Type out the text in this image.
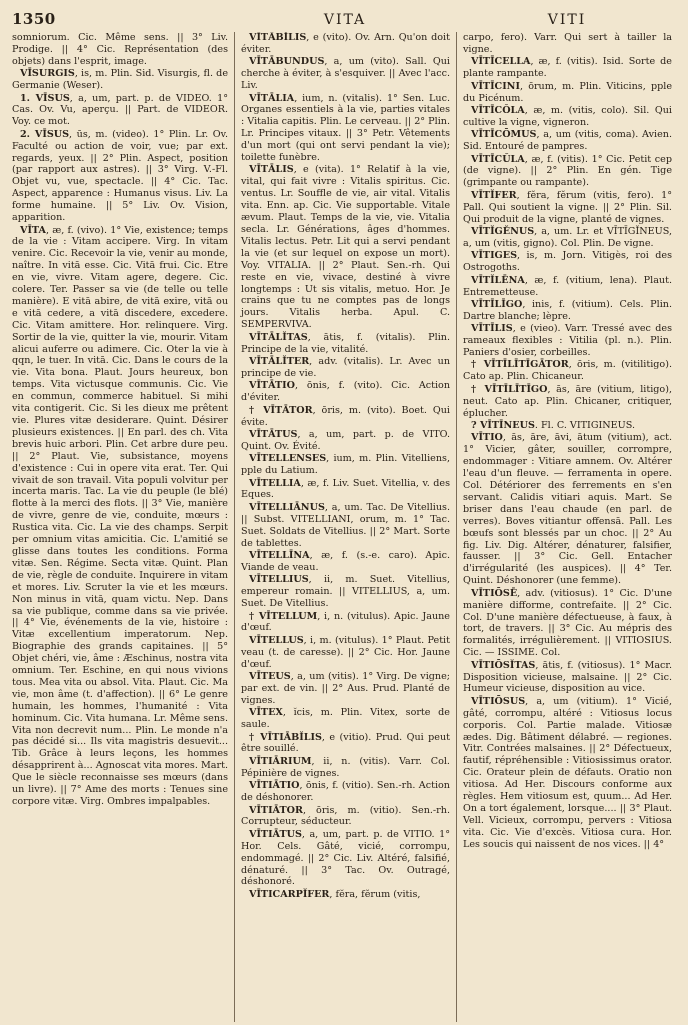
1350	VITA	VITI

somniorum. Cic. Même sens. || 3° Liv. Prodige. || 4° Cic. Représentation (des objets) dans l'esprit, image.

VĪSURGIS, is, m. Plin. Sid. Visurgis, fl. de Germanie (Weser).

1. VĪSUS, a, um, part. p. de VIDEO. 1° Cas. Ov. Vu, aperçu. || Part. de VIDEOR. Voy. ce mot.

2. VĪSUS, ūs, m. (video). 1° Plin. Lr. Ov. Faculté ou action de voir, vue; par ext. regards, yeux. || 2° Plin. Aspect, position (par rapport aux astres). || 3° Virg. V.-Fl. Objet vu, vue, spectacle. || 4° Cic. Tac. Aspect, apparence : Humanus visus. Liv. La forme humaine. || 5° Liv. Ov. Vision, apparition.

VĪTA, æ, f. (vivo). 1° Vie, existence; temps de la vie : Vitam accipere. Virg. In vitam venire. Cic. Recevoir la vie, venir au monde, naître. In vitā esse. Cic. Vitā frui. Cic. Etre en vie, vivre. Vitam agere, degere. Cic. colere. Ter. Passer sa vie (de telle ou telle manière). E vitā abire, de vitā exire, vitā ou e vitā cedere, a vitā discedere, excedere. Cic. Vitam amittere. Hor. relinquere. Virg. Sortir de la vie, quitter la vie, mourir. Vitam alicui auferre ou adimere. Cic. Oter la vie à qqn, le tuer. In vitā. Cic. Dans le cours de la vie. Vita bona. Plaut. Jours heureux, bon temps. Vita victusque communis. Cic. Vie en commun, commerce habituel. Si mihi vita contigerit. Cic. Si les dieux me prêtent vie. Plures vitæ desiderare. Quint. Désirer plusieurs existences. || En parl. des ch. Vita brevis huic arbori. Plin. Cet arbre dure peu. || 2° Plaut. Vie, subsistance, moyens d'existence : Cui in opere vita erat. Ter. Qui vivait de son travail. Vita populi volvitur per incerta maris. Tac. La vie du peuple (le blé) flotte à la merci des flots. || 3° Vie, manière de vivre, genre de vie, conduite, mœurs : Rustica vita. Cic. La vie des champs. Serpit per omnium vitas amicitia. Cic. L'amitié se glisse dans toutes les conditions. Forma vitæ. Sen. Régime. Secta vitæ. Quint. Plan de vie, règle de conduite. Inquirere in vitam et mores. Liv. Scruter la vie et les mœurs. Non minus in vitā, quam victu. Nep. Dans sa vie publique, comme dans sa vie privée. || 4° Vie, événements de la vie, histoire : Vitæ excellentium imperatorum. Nep. Biographie des grands capitaines. || 5° Objet chéri, vie, âme : Æschinus, nostra vita omnium. Ter. Eschine, en qui nous vivions tous. Mea vita ou absol. Vita. Plaut. Cic. Ma vie, mon âme (t. d'affection). || 6° Le genre humain, les hommes, l'humanité : Vita hominum. Cic. Vita humana. Lr. Même sens. Vita non decrevit num... Plin. Le monde n'a pas décidé si... Ils vita magistris desuevit... Tib. Grâce à leurs leçons, les hommes désapprirent à... Agnoscat vita mores. Mart. Que le siècle reconnaisse ses mœurs (dans un livre). || 7° Ame des morts : Tenues sine corpore vitæ. Virg. Ombres impalpables.

VĪTĀBĬLIS, e (vito). Ov. Arn. Qu'on doit éviter.

VĪTĀBUNDUS, a, um (vito). Sall. Qui cherche à éviter, à s'esquiver. || Avec l'acc. Liv.

VĪTĀLIA, ium, n. (vitalis). 1° Sen. Luc. Organes essentiels à la vie, parties vitales : Vitalia capitis. Plin. Le cerveau. || 2° Plin. Lr. Principes vitaux. || 3° Petr. Vêtements d'un mort (qui ont servi pendant la vie); toilette funèbre.

VĪTĀLIS, e (vita). 1° Relatif à la vie, vital, qui fait vivre : Vitalis spiritus. Cic. ventus. Lr. Souffle de vie, air vital. Vitalis vita. Enn. ap. Cic. Vie supportable. Vitale ævum. Plaut. Temps de la vie, vie. Vitalia secla. Lr. Générations, âges d'hommes. Vitalis lectus. Petr. Lit qui a servi pendant la vie (et sur lequel on expose un mort). Voy. VITALIA. || 2° Plaut. Sen.-rh. Qui reste en vie, vivace, destiné à vivre longtemps : Ut sis vitalis, metuo. Hor. Je crains que tu ne comptes pas de longs jours. Vitalis herba. Apul. C. SEMPERVIVA.

VĪTĀLĬTAS, ātis, f. (vitalis). Plin. Principe de la vie, vitalité.

VĪTĀLĬTER, adv. (vitalis). Lr. Avec un principe de vie.

VĪTĀTIO, ōnis, f. (vito). Cic. Action d'éviter.

† VĪTĀTOR, ōris, m. (vito). Boet. Qui évite.

VĪTĀTUS, a, um, part. p. de VITO. Quint. Ov. Évité.

VĪTELLENSES, ium, m. Plin. Vitelliens, pple du Latium.

VĪTELLIA, æ, f. Liv. Suet. Vitellia, v. des Eques.

VĪTELLIĀNUS, a, um. Tac. De Vitellius. || Subst. VITELLIANI, orum, m. 1° Tac. Suet. Soldats de Vitellius. || 2° Mart. Sorte de tablettes.

VĪTELLĪNA, æ, f. (s.-e. caro). Apic. Viande de veau.

VĪTELLIUS, ii, m. Suet. Vitellius, empereur romain. || VITELLIUS, a, um. Suet. De Vitellius.

† VĪTELLUM, i, n. (vitulus). Apic. Jaune d'œuf.

VĪTELLUS, i, m. (vitulus). 1° Plaut. Petit veau (t. de caresse). || 2° Cic. Hor. Jaune d'œuf.

VĪTEUS, a, um (vitis). 1° Virg. De vigne; par ext. de vin. || 2° Aus. Prud. Planté de vignes.

VĪTEX, ĭcis, m. Plin. Vitex, sorte de saule.

† VĪTIĀBĬLIS, e (vitio). Prud. Qui peut être souillé.

VĪTIĀRIUM, ii, n. (vitis). Varr. Col. Pépinière de vignes.

VĪTIĀTIO, ōnis, f. (vitio). Sen.-rh. Action de déshonorer.

VĪTIĀTOR, ōris, m. (vitio). Sen.-rh. Corrupteur, séducteur.

VĪTIĀTUS, a, um, part. p. de VITIO. 1° Hor. Cels. Gâté, vicié, corrompu, endommagé. || 2° Cic. Liv. Altéré, falsifié, dénaturé. || 3° Tac. Ov. Outragé, déshonoré.

VĪTICARPĬFER, fĕra, fĕrum (vitis,

carpo, fero). Varr. Qui sert à tailler la vigne.

VĪTĪCELLA, æ, f. (vitis). Isid. Sorte de plante rampante.

VĪTĪCINI, ōrum, m. Plin. Viticins, pple du Picénum.

VĪTĪCŎLA, æ, m. (vitis, colo). Sil. Qui cultive la vigne, vigneron.

VĪTĪCŌMUS, a, um (vitis, coma). Avien. Sid. Entouré de pampres.

VĪTĪCŬLA, æ, f. (vitis). 1° Cic. Petit cep (de vigne). || 2° Plin. En gén. Tige (grimpante ou rampante).

VĪTĬFER, fĕra, fĕrum (vitis, fero). 1° Pall. Qui soutient la vigne. || 2° Plin. Sil. Qui produit de la vigne, planté de vignes.

VĪTĬGĔNUS, a, um. Lr. et VĪTĪGĬNEUS, a, um (vitis, gigno). Col. Plin. De vigne.

VĪTIGES, is, m. Jorn. Vitigès, roi des Ostrogoths.

VĪTĬLĒNA, æ, f. (vitium, lena). Plaut. Entremetteuse.

VĪTĪLĪGO, inis, f. (vitium). Cels. Plin. Dartre blanche; lèpre.

VĪTĪLIS, e (vieo). Varr. Tressé avec des rameaux flexibles : Vitilia (pl. n.). Plin. Paniers d'osier, corbeilles.

† VĪTĪLĪTĪGĀTOR, ōris, m. (vitilitigo). Cato ap. Plin. Chicaneur.

† VĪTĪLĪTĪGO, ās, āre (vitium, litigo), neut. Cato ap. Plin. Chicaner, critiquer, éplucher.

? VĪTĪNEUS. Fl. C. VITIGINEUS.

VĪTIO, ās, āre, āvi, ātum (vitium), act. 1° Vicier, gâter, souiller, corrompre, endommager : Vitiare amnem. Ov. Altérer l'eau d'un fleuve. — ferramenta in opere. Col. Détériorer des ferrements en s'en servant. Calidis vitiari aquis. Mart. Se briser dans l'eau chaude (en parl. de verres). Boves vitiantur offensā. Pall. Les bœufs sont blessés par un choc. || 2° Au fig. Liv. Dig. Altérer, dénaturer, falsifier, fausser. || 3° Cic. Gell. Entacher d'irrégularité (les auspices). || 4° Ter. Quint. Déshonorer (une femme).

VĪTIŌSĒ, adv. (vitiosus). 1° Cic. D'une manière difforme, contrefaite. || 2° Cic. Col. D'une manière défectueuse, à faux, à tort, de travers. || 3° Cic. Au mépris des formalités, irrégulièrement. || VITIOSIUS. Cic. — ISSIME. Col.

VĪTIŌSĬTAS, ātis, f. (vitiosus). 1° Macr. Disposition vicieuse, malsaine. || 2° Cic. Humeur vicieuse, disposition au vice.

VĪTIŌSUS, a, um (vitium). 1° Vicié, gâté, corrompu, altéré : Vitiosus locus corporis. Col. Partie malade. Vitiosæ ædes. Dig. Bâtiment délabré. — regiones. Vitr. Contrées malsaines. || 2° Défectueux, fautif, répréhensible : Vitiosissimus orator. Cic. Orateur plein de défauts. Oratio non vitiosa. Ad Her. Discours conforme aux règles. Hem vitiosum est, quum... Ad Her. On a tort également, lorsque.... || 3° Plaut. Vell. Vicieux, corrompu, pervers : Vitiosa vita. Cic. Vie d'excès. Vitiosa cura. Hor. Les soucis qui naissent de nos vices. || 4°
